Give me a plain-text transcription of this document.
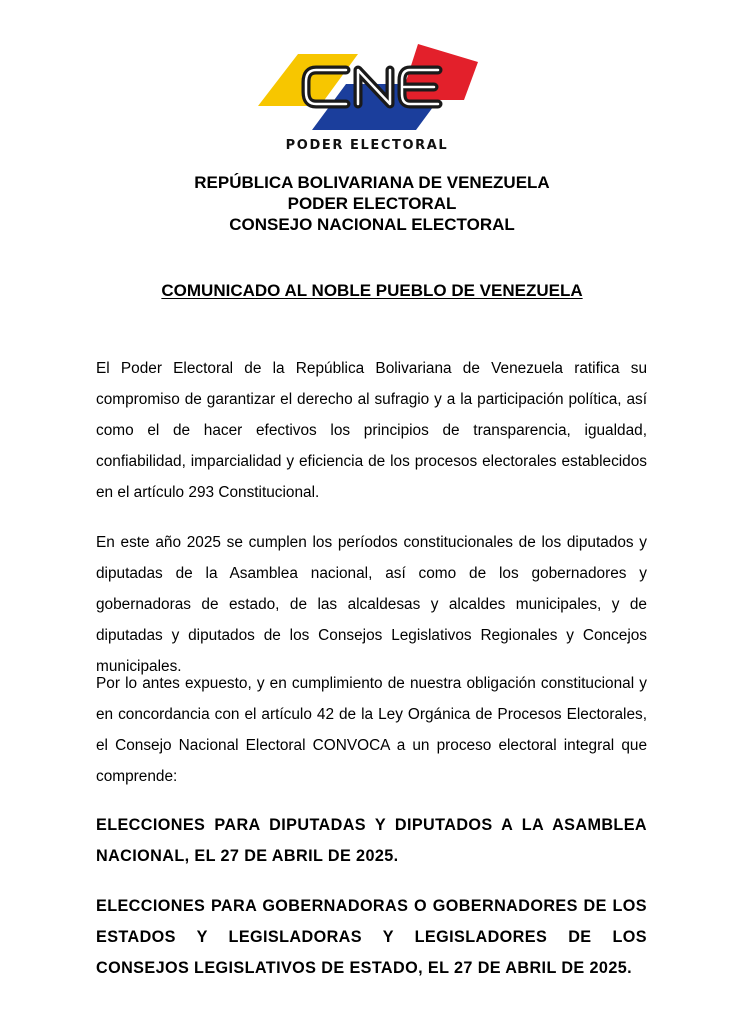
CNE
PODER ELECTORAL
REPÚBLICA BOLIVARIANA DE VENEZUELA
PODER ELECTORAL
CONSEJO NACIONAL ELECTORAL
COMUNICADO AL NOBLE PUEBLO DE VENEZUELA

El Poder Electoral de la República Bolivariana de Venezuela ratifica su compromiso de garantizar el derecho al sufragio y a la participación política, así como el de hacer efectivos los principios de transparencia, igualdad, confiabilidad, imparcialidad y eficiencia de los procesos electorales establecidos en el artículo 293 Constitucional.

En este año 2025 se cumplen los períodos constitucionales de los diputados y diputadas de la Asamblea nacional, así como de los gobernadores y gobernadoras de estado, de las alcaldesas y alcaldes municipales, y de diputadas y diputados de los Consejos Legislativos Regionales y Concejos municipales.

Por lo antes expuesto, y en cumplimiento de nuestra obligación constitucional y en concordancia con el artículo 42 de la Ley Orgánica de Procesos Electorales, el Consejo Nacional Electoral CONVOCA a un proceso electoral integral que comprende:

ELECCIONES PARA DIPUTADAS Y DIPUTADOS A LA ASAMBLEA NACIONAL, EL 27 DE ABRIL DE 2025.

ELECCIONES PARA GOBERNADORAS O GOBERNADORES DE LOS ESTADOS Y LEGISLADORAS Y LEGISLADORES DE LOS CONSEJOS LEGISLATIVOS DE ESTADO, EL 27 DE ABRIL DE 2025.
